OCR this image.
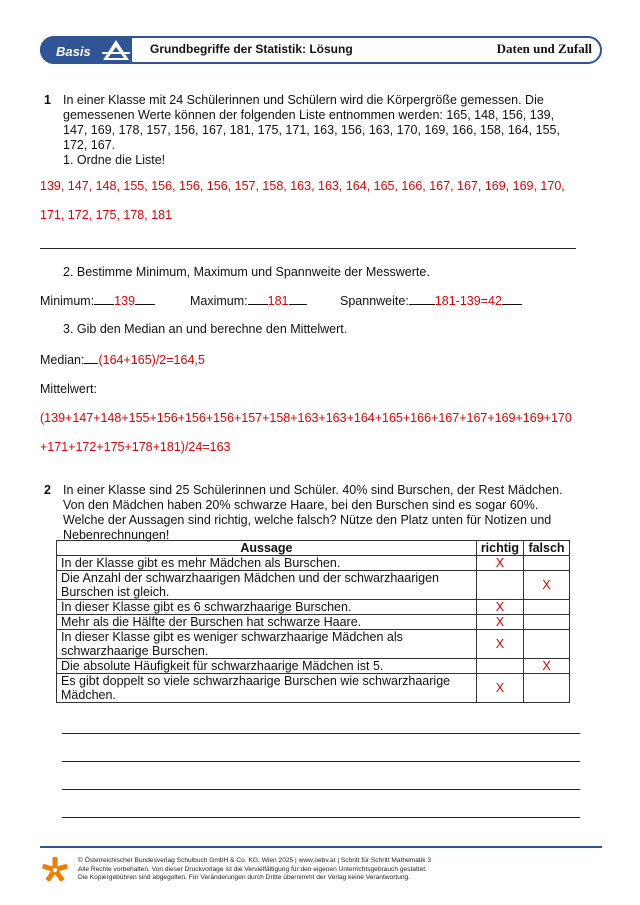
Basis	Grundbegriffe der Statistik: Lösung	Daten und Zufall
1 In einer Klasse mit 24 Schülerinnen und Schülern wird die Körpergröße gemessen. Die
gemessenen Werte können der folgenden Liste entnommen werden: 165, 148, 156, 139,
147, 169, 178, 157, 156, 167, 181, 175, 171, 163, 156, 163, 170, 169, 166, 158, 164, 155,
172, 167.
1. Ordne die Liste!
139, 147, 148, 155, 156, 156, 156, 157, 158, 163, 163, 164, 165, 166, 167, 167, 169, 169, 170,
171, 172, 175, 178, 181
2. Bestimme Minimum, Maximum und Spannweite der Messwerte.
Minimum: 139	Maximum: 181	Spannweite: 181-139=42
3. Gib den Median an und berechne den Mittelwert.
Median: (164+165)/2=164,5
Mittelwert:
(139+147+148+155+156+156+156+157+158+163+163+164+165+166+167+167+169+169+170
+171+172+175+178+181)/24=163
2 In einer Klasse sind 25 Schülerinnen und Schüler. 40% sind Burschen, der Rest Mädchen.
Von den Mädchen haben 20% schwarze Haare, bei den Burschen sind es sogar 60%.
Welche der Aussagen sind richtig, welche falsch? Nütze den Platz unten für Notizen und
Nebenrechnungen!
Aussage	richtig	falsch
In der Klasse gibt es mehr Mädchen als Burschen.	X	
Die Anzahl der schwarzhaarigen Mädchen und der schwarzhaarigen Burschen ist gleich.		X
In dieser Klasse gibt es 6 schwarzhaarige Burschen.	X	
Mehr als die Hälfte der Burschen hat schwarze Haare.	X	
In dieser Klasse gibt es weniger schwarzhaarige Mädchen als schwarzhaarige Burschen.	X	
Die absolute Häufigkeit für schwarzhaarige Mädchen ist 5.		X
Es gibt doppelt so viele schwarzhaarige Burschen wie schwarzhaarige Mädchen.	X	
© Österreichischer Bundesverlag Schulbuch GmbH & Co. KG, Wien 2025 | www.oebv.at | Schritt für Schritt Mathematik 3
Alle Rechte vorbehalten. Von dieser Druckvorlage ist die Vervielfältigung für den eigenen Unterrichtsgebrauch gestattet.
Die Kopiergebühren sind abgegolten. Für Veränderungen durch Dritte übernimmt der Verlag keine Verantwortung.
